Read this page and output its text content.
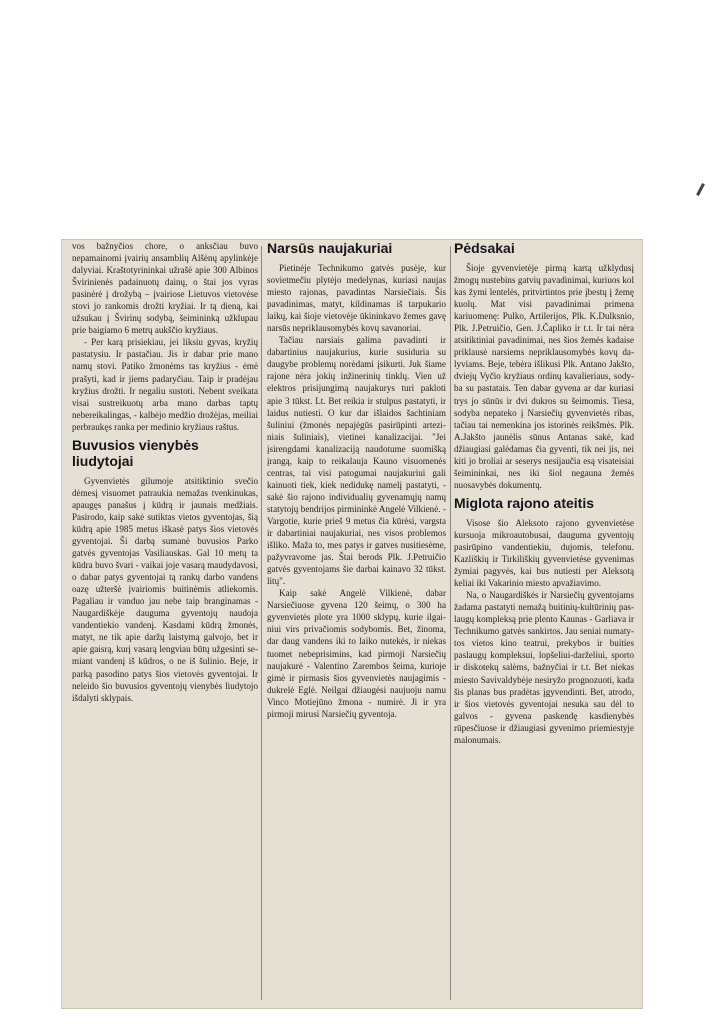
vos bažnyčios chore, o anksčiau buvo nepamainomi įvairių ansamblių Alšėnų apylinkėje dalyviai. Kraštotyrininkai užrašė apie 300 Albinos Švirinienės padainuotų dainų, o štai jos vyras pasinėrė į drožybą – įvairiose Lietuvos vietovėse stovi jo rankomis drožti kryžiai. Ir tą dieną, kai užsukau į Švirinų sodybą, šeimininką užklupau prie baigiamo 6 metrų aukščio kryžiaus.

- Per karą prisiekiau, jei liksiu gyvas, kryžių pastatysiu. Ir pastačiau. Jis ir dabar prie mano namų stovi. Patiko žmonėms tas kryžius - ėmė prašyti, kad ir jiems padaryčiau. Taip ir pradėjau kryžius drožti. Ir negaliu sustoti. Nebent sveikata visai sustreikuotų arba mano darbas taptų nebereikalingas, - kalbėjo medžio drožėjas, meiliai perbraukęs ranka per medinio kryžiaus raštus.

Buvusios vienybės liudytojai

Gyvenvietės gilumoje atsitiktinio svečio dėmesį visuomet patraukia nemažas tvenkinukas, apaugęs panašus į kūdrą ir jaunais medžiais. Pasirodo, kaip sakė sutiktas vietos gyventojas, šią kūdrą apie 1985 metus iškasė patys šios vietovės gyventojai. Ši darbą sumanė buvusios Parko gatvės gyventojas Vasiliauskas. Gal 10 metų ta kūdra buvo švari - vaikai joje vasarą maudydavosi, o dabar patys gyventojai tą rankų darbo vandens oazę užteršė įvairiomis buitinėmis atliekomis. Pagaliau ir vanduo jau nebe taip branginamas - Naugardiškėje dauguma gyventojų naudoja vandentiekio vandenį. Kasdami kūdrą žmonės, matyt, ne tik apie daržų laistymą galvojo, bet ir apie gaisrą, kurį vasarą lengviau būtų užgesinti semiant vandenį iš kūdros, o ne iš šulinio. Beje, ir parką pasodino patys šios vietovės gyventojai. Ir neleido šio buvusios gyventojų vienybės liudytojo išdalyti sklypais.

Narsūs naujakuriai

Pietinėje Technikumo gatvės pusėje, kur sovietmečiu plytėjo medelynas, kuriasi naujas miesto rajonas, pavadintas Narsiečiais. Šis pavadinimas, matyt, kildinamas iš tarpukario laikų, kai šioje vietovėje ūkininkavo žemes gavę narsūs nepriklausomybės kovų savanoriai.

Tačiau narsiais galima pavadinti ir dabartinius naujakurius, kurie susiduria su daugybe problemų norėdami įsikurti. Juk šiame rajone nėra jokių inžinerinių tinklų. Vien už elektros prisijungimą naujakurys turi pakloti apie 3 tūkst. Lt. Bet reikia ir stulpus pastatyti, ir laidus nutiesti. O kur dar išlaidos šachtiniam šuliniui (žmonės nepajėgūs pasirūpinti arteziniais šuliniais), vietinei kanalizacijai. "Jei įsirengdami kanalizaciją naudotume suomišką įrangą, kaip to reikalauja Kauno visuomenės centras, tai visi patogumai naujakuriui gali kainuoti tiek, kiek nedidukę namelį pastatyti, - sakė šio rajono individualių gyvenamųjų namų statytojų bendrijos pirmininkė Angelė Vilkienė. - Vargotie, kurie prieš 9 metus čia kūrėsi, vargsta ir dabartiniai naujakuriai, nes visos problemos išliko. Maža to, mes patys ir gatves nusitiesėme, pažyvravome jas. Štai berods Plk. J.Petruičio gatvės gyventojams šie darbai kainavo 32 tūkst. litų".

Kaip sakė Angelė Vilkienė, dabar Narsiečiuose gyvena 120 šeimų, o 300 ha gyvenvietės plote yra 1000 sklypų, kurie ilgainiui virs privačiomis sodybomis. Bet, žinoma, dar daug vandens iki to laiko nutekės, ir niekas tuomet nebeprisimins, kad pirmoji Narsiečių naujakurė - Valentino Zarembos šeima, kurioje gimė ir pirmasis šios gyvenvietės naujagimis - dukrelė Eglė. Neilgai džiaugėsi naujuoju namu Vinco Motiejūno žmona - numirė. Ji ir yra pirmoji mirusi Narsiečių gyventoja.

Pėdsakai

Šioje gyvenvietėje pirmą kartą užklydusį žmogų nustebins gatvių pavadinimai, kuriuos kol kas žymi lentelės, pritvirtintos prie įbestų į žemę kuolų. Mat visi pavadinimai primena kariuomenę: Pulko, Artilerijos, Plk. K.Dulksnio, Plk. J.Petruičio, Gen. J.Čapliko ir t.t. Ir tai nėra atsitiktiniai pavadinimai, nes šios žemės kadaise priklausė narsiems nepriklausomybės kovų dalyviams. Beje, tebėra išlikusi Plk. Antano Jakšto, dviejų Vyčio kryžiaus ordinų kavalieriaus, sodyba su pastatais. Ten dabar gyvena ar dar kuriasi trys jo sūnūs ir dvi dukros su šeimomis. Tiesa, sodyba nepateko į Narsiečių gyvenvietės ribas, tačiau tai nemenkina jos istorinės reikšmės. Plk. A.Jakšto jaunėlis sūnus Antanas sakė, kad džiaugiasi galėdamas čia gyventi, tik nei jis, nei kiti jo broliai ar seserys nesijaučia esą visateisiai šeimininkai, nes iki šiol negauna žemės nuosavybės dokumentų.

Miglota rajono ateitis

Visose šio Aleksoto rajono gyvenvietėse kursuoja mikroautobusai, dauguma gyventojų pasirūpino vandentiekiu, dujomis, telefonu. Kazliškių ir Tirkiliškių gyvenvietėse gyvenimas žymiai pagyvės, kai bus nutiesti per Aleksotą keliai iki Vakarinio miesto apvažiavimo.

Na, o Naugardiškės ir Narsiečių gyventojams žadama pastatyti nemažą buitinių-kultūrinių paslaugų kompleksą prie plento Kaunas - Garliava ir Technikumo gatvės sankirtos. Jau seniai numatytos vietos kino teatrui, prekybos ir buities paslaugų kompleksui, lopšeliui-darželiui, sporto ir diskotekų salėms, bažnyčiai ir t.t. Bet niekas miesto Savivaldybėje nesiryžo prognozuoti, kada šis planas bus pradėtas įgyvendinti. Bet, atrodo, ir šios vietovės gyventojai nesuka sau dėl to galvos - gyvena paskendę kasdienybės rūpesčiuose ir džiaugiasi gyvenimo priemiestyje malonumais.
